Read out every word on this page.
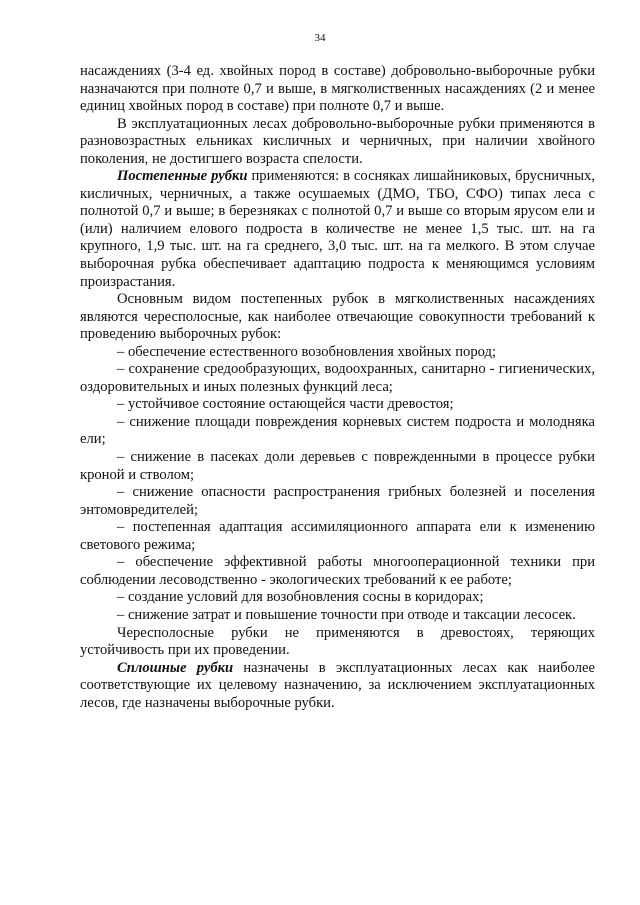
34

насаждениях (3-4 ед. хвойных пород в составе) добровольно-выборочные рубки назначаются при полноте 0,7 и выше, в мягколиственных насаждениях (2 и менее единиц хвойных пород в составе) при полноте 0,7 и выше.

В эксплуатационных лесах добровольно-выборочные рубки применяются в разновозрастных ельниках кисличных и черничных, при наличии хвойного поколения, не достигшего возраста спелости.

Постепенные рубки применяются: в сосняках лишайниковых, брусничных, кисличных, черничных, а также осушаемых (ДМО, ТБО, СФО) типах леса с полнотой 0,7 и выше; в березняках с полнотой 0,7 и выше со вторым ярусом ели и (или) наличием елового подроста в количестве не менее 1,5 тыс. шт. на га крупного, 1,9 тыс. шт. на га среднего, 3,0 тыс. шт. на га мелкого. В этом случае выборочная рубка обеспечивает адаптацию подроста к меняющимся условиям произрастания.

Основным видом постепенных рубок в мягколиственных насаждениях являются чересполосные, как наиболее отвечающие совокупности требований к проведению выборочных рубок:

– обеспечение естественного возобновления хвойных пород;

– сохранение средообразующих, водоохранных, санитарно - гигиенических, оздоровительных и иных полезных функций леса;

– устойчивое состояние остающейся части древостоя;

– снижение площади повреждения корневых систем подроста и молодняка ели;

– снижение в пасеках доли деревьев с поврежденными в процессе рубки кроной и стволом;

– снижение опасности распространения грибных болезней и поселения энтомовредителей;

– постепенная адаптация ассимиляционного аппарата ели к изменению светового режима;

– обеспечение эффективной работы многооперационной техники при соблюдении лесоводственно - экологических требований к ее работе;

– создание условий для возобновления сосны в коридорах;

– снижение затрат и повышение точности при отводе и таксации лесосек.

Чересполосные рубки не применяются в древостоях, теряющих устойчивость при их проведении.

Сплошные рубки назначены в эксплуатационных лесах как наиболее соответствующие их целевому назначению, за исключением эксплуатационных лесов, где назначены выборочные рубки.
